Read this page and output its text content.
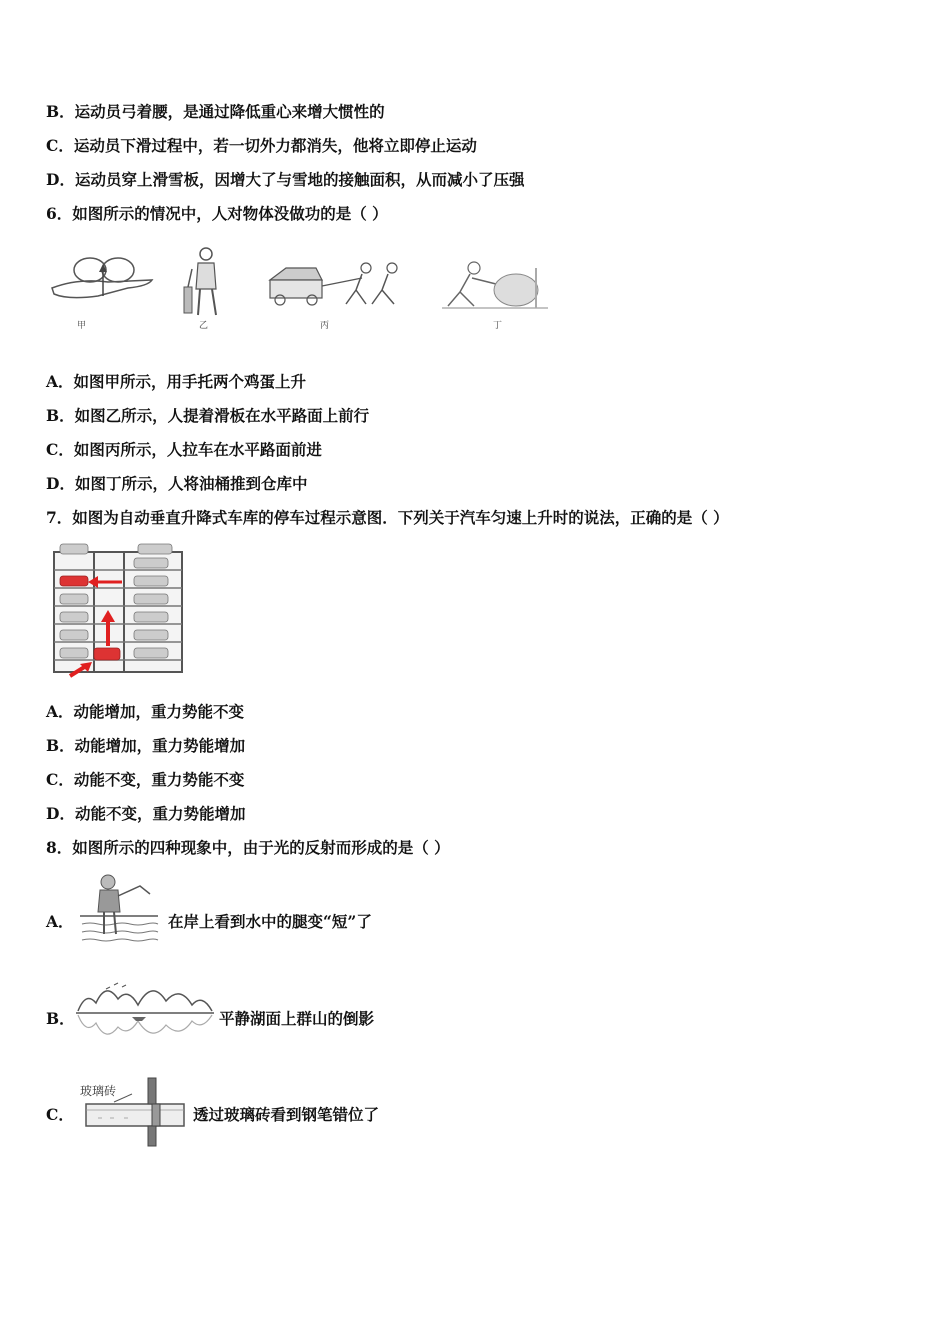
B．运动员弓着腰，是通过降低重心来增大惯性的
C．运动员下滑过程中，若一切外力都消失，他将立即停止运动
D．运动员穿上滑雪板，因增大了与雪地的接触面积，从而减小了压强
6．如图所示的情况中，人对物体没做功的是（ ）
甲	乙	丙	丁
A．如图甲所示，用手托两个鸡蛋上升
B．如图乙所示，人提着滑板在水平路面上前行
C．如图丙所示，人拉车在水平路面前进
D．如图丁所示，人将油桶推到仓库中
7．如图为自动垂直升降式车库的停车过程示意图．下列关于汽车匀速上升时的说法，正确的是（ ）
A．动能增加，重力势能不变
B．动能增加，重力势能增加
C．动能不变，重力势能不变
D．动能不变，重力势能增加
8．如图所示的四种现象中，由于光的反射而形成的是（ ）
A．	在岸上看到水中的腿变“短”了
B．	平静湖面上群山的倒影
C．
玻璃砖
透过玻璃砖看到钢笔错位了
